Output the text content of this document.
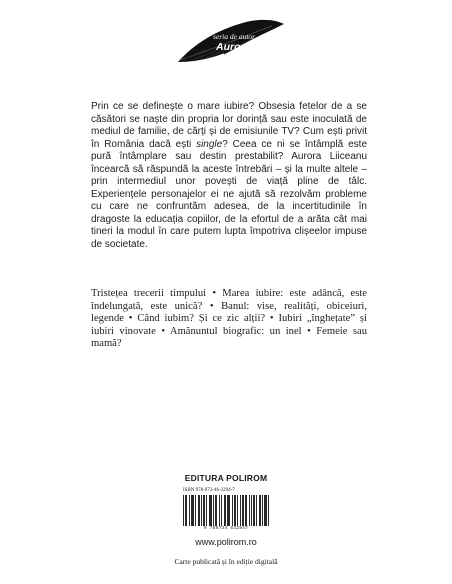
seria de autor
Aurora Liiceanu

Prin ce se definește o mare iubire? Obsesia fetelor de a se căsători se naște din propria lor dorință sau este inoculată de mediul de familie, de cărți și de emisiunile TV? Cum ești privit în România dacă ești single? Ceea ce ni se întâmplă este pură întâmplare sau destin prestabilit? Aurora Liiceanu încearcă să răspundă la aceste întrebări – și la multe altele – prin intermediul unor povești de viață pline de tâlc. Experiențele personajelor ei ne ajută să rezolvăm probleme cu care ne confruntăm adesea, de la incertitudinile în dragoste la educația copiilor, de la efortul de a arăta cât mai tineri la modul în care putem lupta împotriva clișeelor impuse de societate.

Tristețea trecerii timpului • Marea iubire: este adâncă, este îndelungată, este unică? • Banul: vise, realități, obiceiuri, legende • Când iubim? Și ce zic alții? • Iubiri „înghețate” și iubiri vinovate • Amănuntul biografic: un inel • Femeie sau mamă?

EDITURA POLIROM
ISBN 978-973-46-3294-7
9 789734 632947
www.polirom.ro
Carte publicată și în ediție digitală
